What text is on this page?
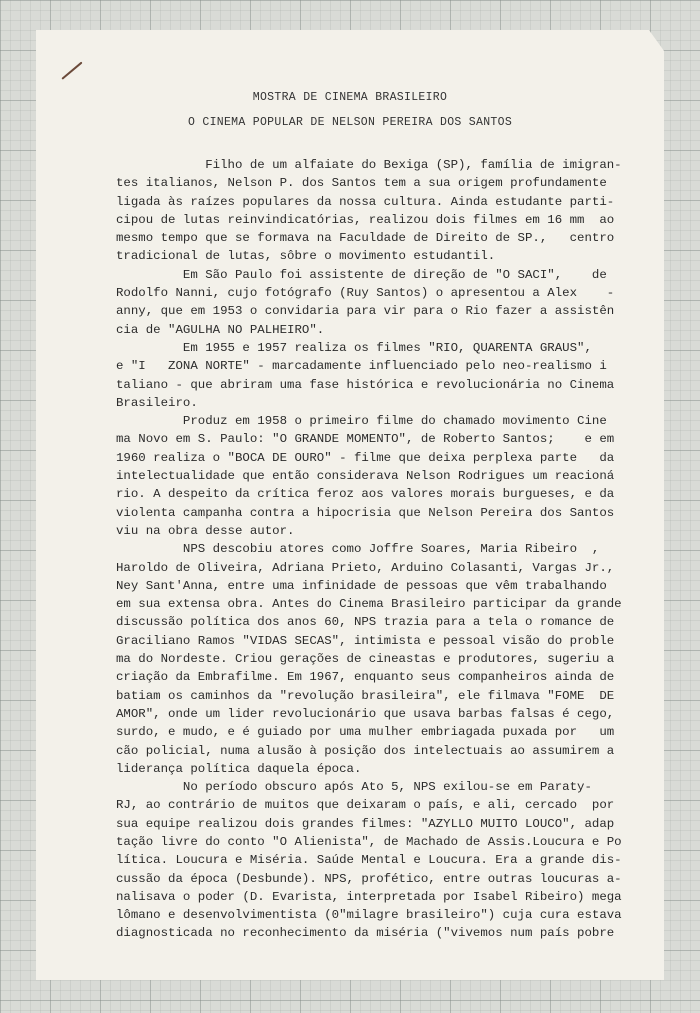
MOSTRA DE CINEMA BRASILEIRO
O CINEMA POPULAR DE NELSON PEREIRA DOS SANTOS
Filho de um alfaiate do Bexiga (SP), família de imigran-
tes italianos, Nelson P. dos Santos tem a sua origem profundamente
ligada às raízes populares da nossa cultura. Ainda estudante parti-
cipou de lutas reinvindicatórias, realizou dois filmes em 16 mm  ao
mesmo tempo que se formava na Faculdade de Direito de SP.,   centro
tradicional de lutas, sôbre o movimento estudantil.
Em São Paulo foi assistente de direção de "O SACI",    de
Rodolfo Nanni, cujo fotógrafo (Ruy Santos) o apresentou a Alex    -
anny, que em 1953 o convidaria para vir para o Rio fazer a assistên
cia de "AGULHA NO PALHEIRO".
Em 1955 e 1957 realiza os filmes "RIO, QUARENTA GRAUS",
e "I   ZONA NORTE" - marcadamente influenciado pelo neo-realismo i
taliano - que abriram uma fase histórica e revolucionária no Cinema
Brasileiro.
Produz em 1958 o primeiro filme do chamado movimento Cine
ma Novo em S. Paulo: "O GRANDE MOMENTO", de Roberto Santos;    e em
1960 realiza o "BOCA DE OURO" - filme que deixa perplexa parte   da
intelectualidade que então considerava Nelson Rodrigues um reacioná
rio. A despeito da crítica feroz aos valores morais burgueses, e da
violenta campanha contra a hipocrisia que Nelson Pereira dos Santos
viu na obra desse autor.
NPS descobiu atores como Joffre Soares, Maria Ribeiro  ,
Haroldo de Oliveira, Adriana Prieto, Arduino Colasanti, Vargas Jr.,
Ney Sant'Anna, entre uma infinidade de pessoas que vêm trabalhando
em sua extensa obra. Antes do Cinema Brasileiro participar da grande
discussão política dos anos 60, NPS trazia para a tela o romance de
Graciliano Ramos "VIDAS SECAS", intimista e pessoal visão do proble
ma do Nordeste. Criou gerações de cineastas e produtores, sugeriu a
criação da Embrafilme. Em 1967, enquanto seus companheiros ainda de
batiam os caminhos da "revolução brasileira", ele filmava "FOME  DE
AMOR", onde um lider revolucionário que usava barbas falsas é cego,
surdo, e mudo, e é guiado por uma mulher embriagada puxada por   um
cão policial, numa alusão à posição dos intelectuais ao assumirem a
liderança política daquela época.
No período obscuro após Ato 5, NPS exilou-se em Paraty-
RJ, ao contrário de muitos que deixaram o país, e ali, cercado  por
sua equipe realizou dois grandes filmes: "AZYLLO MUITO LOUCO", adap
tação livre do conto "O Alienista", de Machado de Assis.Loucura e Po
lítica. Loucura e Miséria. Saúde Mental e Loucura. Era a grande dis-
cussão da época (Desbunde). NPS, profético, entre outras loucuras a-
nalisava o poder (D. Evarista, interpretada por Isabel Ribeiro) mega
lômano e desenvolvimentista (0"milagre brasileiro") cuja cura estava
diagnosticada no reconhecimento da miséria ("vivemos num país pobre
